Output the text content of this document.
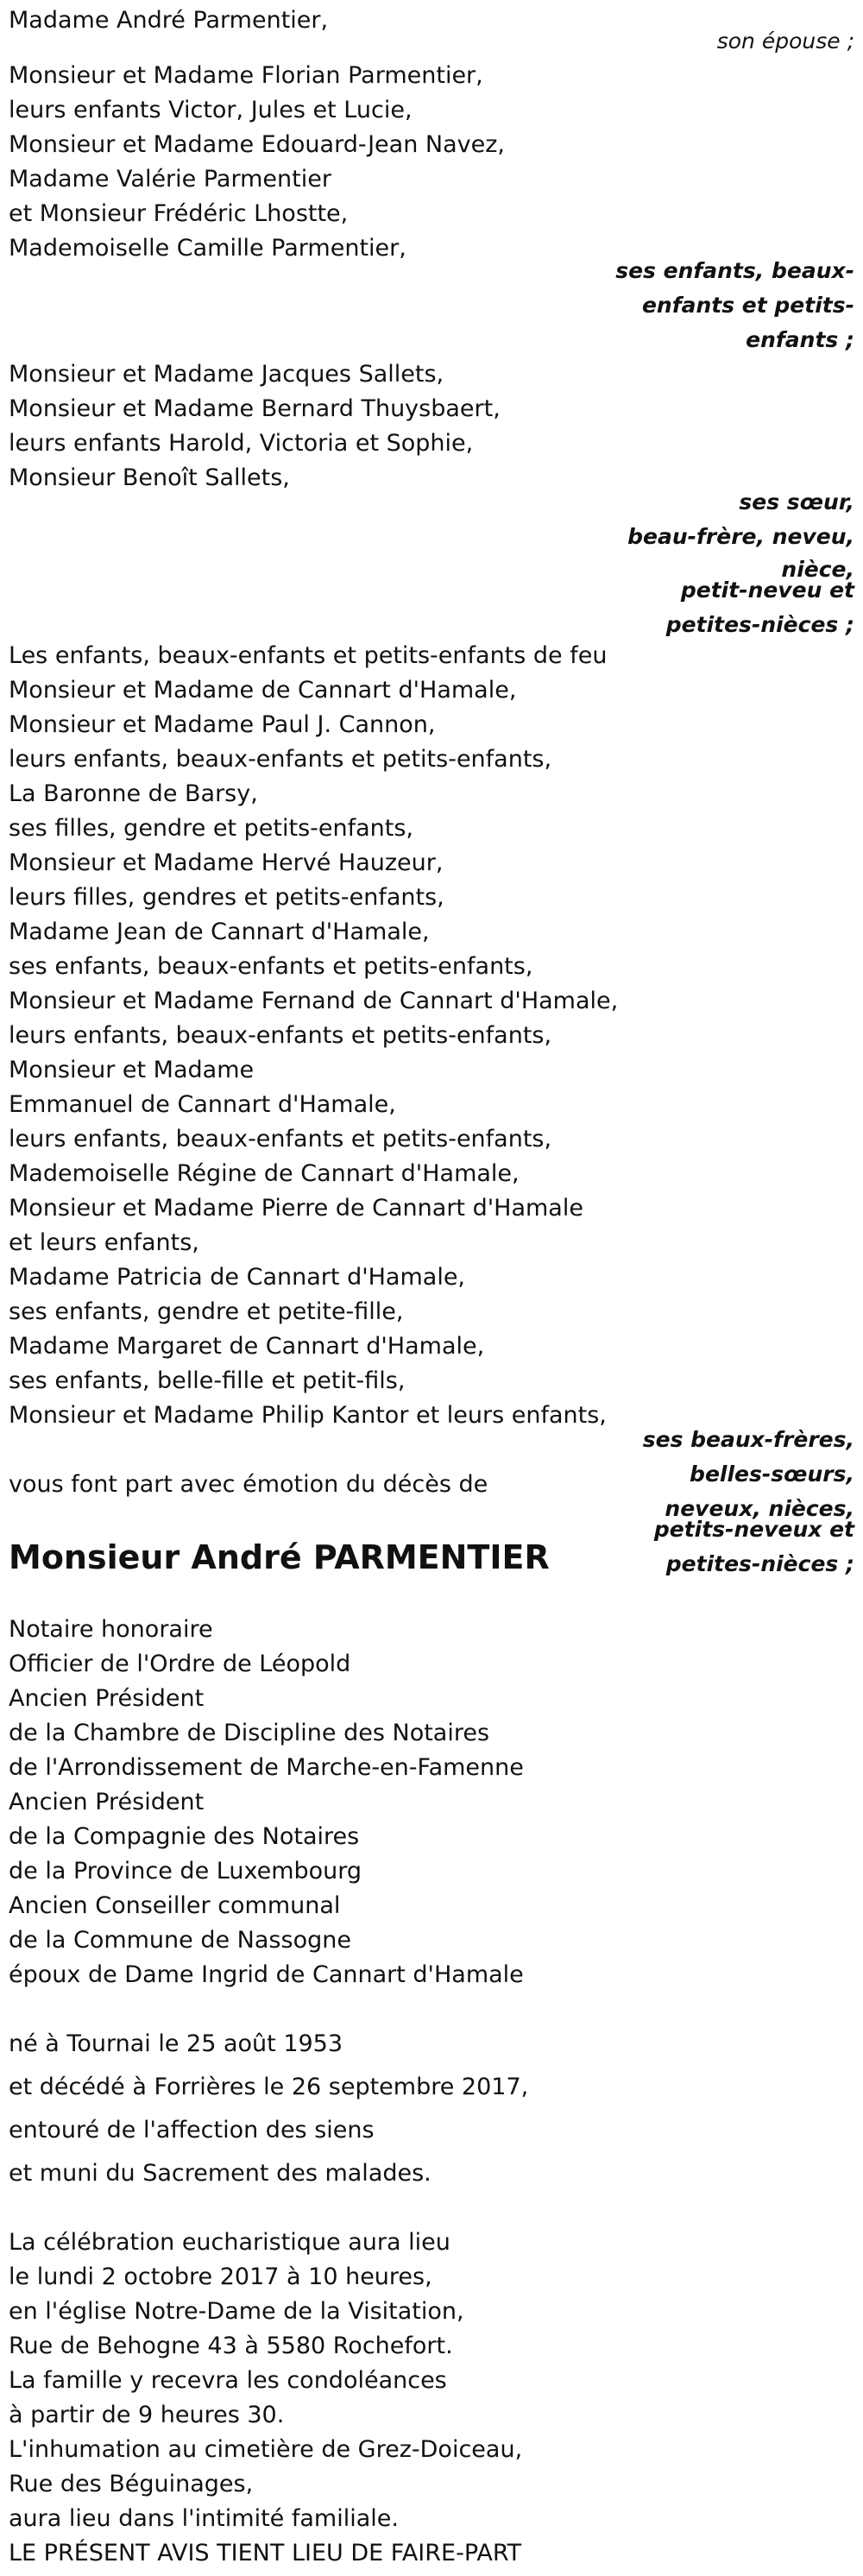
Madame André Parmentier,
son épouse ;
Monsieur et Madame Florian Parmentier,
leurs enfants Victor, Jules et Lucie,
Monsieur et Madame Edouard-Jean Navez,
Madame Valérie Parmentier
et Monsieur Frédéric Lhostte,
Mademoiselle Camille Parmentier,
ses enfants, beaux-
enfants et petits-
enfants ;
Monsieur et Madame Jacques Sallets,
Monsieur et Madame Bernard Thuysbaert,
leurs enfants Harold, Victoria et Sophie,
Monsieur Benoît Sallets,
ses sœur,
beau-frère, neveu,
nièce,
petit-neveu et
petites-nièces ;
Les enfants, beaux-enfants et petits-enfants de feu
Monsieur et Madame de Cannart d'Hamale,
Monsieur et Madame Paul J. Cannon,
leurs enfants, beaux-enfants et petits-enfants,
La Baronne de Barsy,
ses filles, gendre et petits-enfants,
Monsieur et Madame Hervé Hauzeur,
leurs filles, gendres et petits-enfants,
Madame Jean de Cannart d'Hamale,
ses enfants, beaux-enfants et petits-enfants,
Monsieur et Madame Fernand de Cannart d'Hamale,
leurs enfants, beaux-enfants et petits-enfants,
Monsieur et Madame
Emmanuel de Cannart d'Hamale,
leurs enfants, beaux-enfants et petits-enfants,
Mademoiselle Régine de Cannart d'Hamale,
Monsieur et Madame Pierre de Cannart d'Hamale
et leurs enfants,
Madame Patricia de Cannart d'Hamale,
ses enfants, gendre et petite-fille,
Madame Margaret de Cannart d'Hamale,
ses enfants, belle-fille et petit-fils,
Monsieur et Madame Philip Kantor et leurs enfants,
ses beaux-frères,
belles-sœurs,
neveux, nièces,
petits-neveux et
petites-nièces ;
vous font part avec émotion du décès de
Monsieur André PARMENTIER
Notaire honoraire
Officier de l'Ordre de Léopold
Ancien Président
de la Chambre de Discipline des Notaires
de l'Arrondissement de Marche-en-Famenne
Ancien Président
de la Compagnie des Notaires
de la Province de Luxembourg
Ancien Conseiller communal
de la Commune de Nassogne
époux de Dame Ingrid de Cannart d'Hamale
né à Tournai le 25 août 1953
et décédé à Forrières le 26 septembre 2017,
entouré de l'affection des siens
et muni du Sacrement des malades.
La célébration eucharistique aura lieu
le lundi 2 octobre 2017 à 10 heures,
en l'église Notre-Dame de la Visitation,
Rue de Behogne 43 à 5580 Rochefort.
La famille y recevra les condoléances
à partir de 9 heures 30.
L'inhumation au cimetière de Grez-Doiceau,
Rue des Béguinages,
aura lieu dans l'intimité familiale.
LE PRÉSENT AVIS TIENT LIEU DE FAIRE-PART
